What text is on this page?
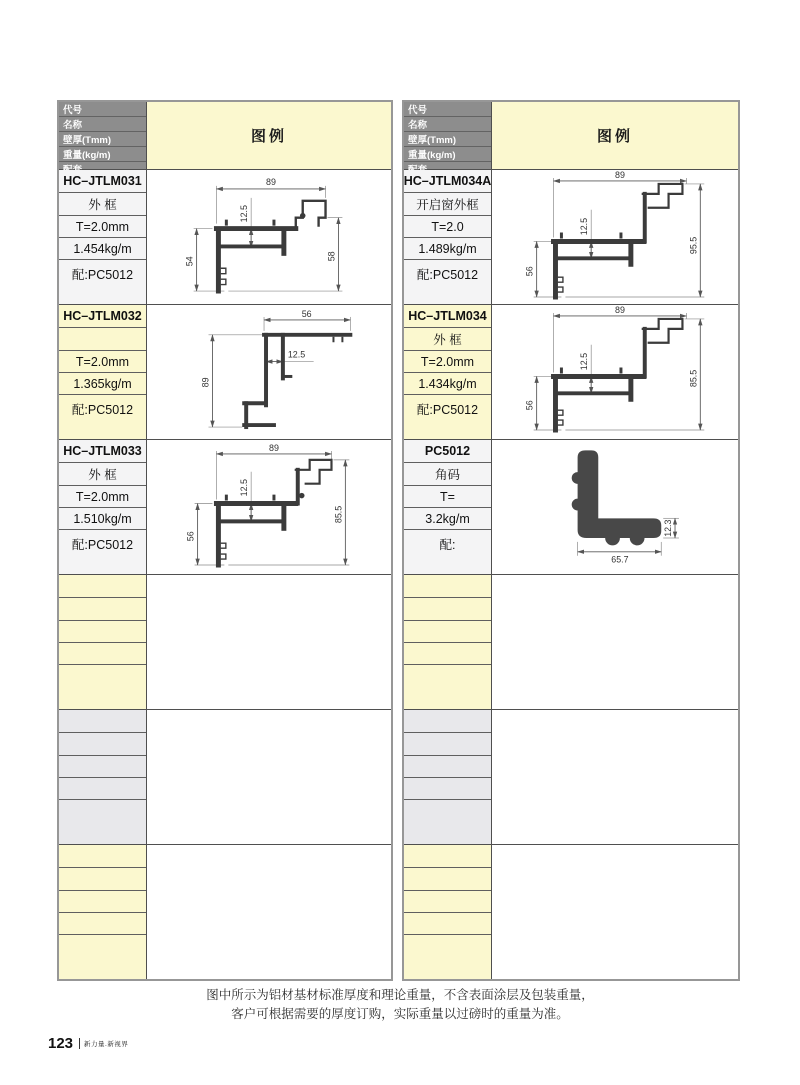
代号
名称
壁厚(Tmm)
重量(kg/m)
图例
HC–JTLM031
外 框
T=2.0mm
1.454kg/m
配:PC5012
89
54	58
12.5
HC–JTLM032
T=2.0mm
1.365kg/m
配:PC5012
56
89
12.5
HC–JTLM033
外 框
T=2.0mm
1.510kg/m
配:PC5012
89
56
85.5
12.5
代号
名称
壁厚(Tmm)
重量(kg/m)
图例
HC–JTLM034A
开启窗外框
T=2.0
1.489kg/m
配:PC5012
89
56
95.5
12.5
HC–JTLM034
外 框
T=2.0mm
1.434kg/m
配:PC5012
89
56
85.5
12.5
PC5012
角码
T=
3.2kg/m
配:
12.3
65.7
图中所示为铝材基材标准厚度和理论重量，不含表面涂层及包装重量，
客户可根据需要的厚度订购，实际重量以过磅时的重量为准。
123 新力量.新视界
